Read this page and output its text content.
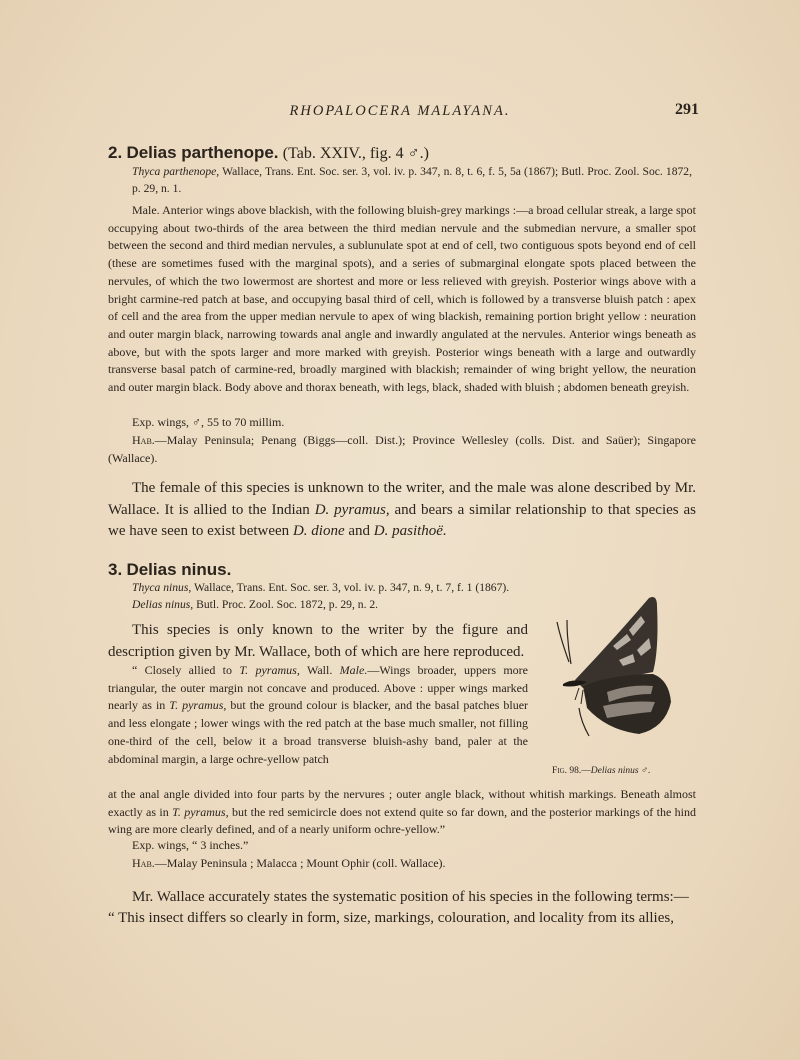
RHOPALOCERA MALAYANA.	291
2. Delias parthenope. (Tab. XXIV., fig. 4 ♂.)
Thyca parthenope, Wallace, Trans. Ent. Soc. ser. 3, vol. iv. p. 347, n. 8, t. 6, f. 5, 5a (1867); Butl. Proc. Zool. Soc. 1872, p. 29, n. 1.
Male. Anterior wings above blackish, with the following bluish-grey markings :—a broad cellular streak, a large spot occupying about two-thirds of the area between the third median nervule and the submedian nervure, a smaller spot between the second and third median nervules, a sublunulate spot at end of cell, two contiguous spots beyond end of cell (these are sometimes fused with the marginal spots), and a series of submarginal elongate spots placed between the nervules, of which the two lowermost are shortest and more or less relieved with greyish. Posterior wings above with a bright carmine-red patch at base, and occupying basal third of cell, which is followed by a transverse bluish patch : apex of cell and the area from the upper median nervule to apex of wing blackish, remaining portion bright yellow : neuration and outer margin black, narrowing towards anal angle and inwardly angulated at the nervules. Anterior wings beneath as above, but with the spots larger and more marked with greyish. Posterior wings beneath with a large and outwardly transverse basal patch of carmine-red, broadly margined with blackish; remainder of wing bright yellow, the neuration and outer margin black. Body above and thorax beneath, with legs, black, shaded with bluish ; abdomen beneath greyish.
Exp. wings, ♂, 55 to 70 millim.
Hab.—Malay Peninsula; Penang (Biggs—coll. Dist.); Province Wellesley (colls. Dist. and Saüer); Singapore (Wallace).
The female of this species is unknown to the writer, and the male was alone described by Mr. Wallace. It is allied to the Indian D. pyramus, and bears a similar relationship to that species as we have seen to exist between D. dione and D. pasithoë.
3. Delias ninus.
Thyca ninus, Wallace, Trans. Ent. Soc. ser. 3, vol. iv. p. 347, n. 9, t. 7, f. 1 (1867).
Delias ninus, Butl. Proc. Zool. Soc. 1872, p. 29, n. 2.
This species is only known to the writer by the figure and description given by Mr. Wallace, both of which are here reproduced.
“ Closely allied to T. pyramus, Wall. Male.—Wings broader, uppers more triangular, the outer margin not concave and produced. Above : upper wings marked nearly as in T. pyramus, but the ground colour is blacker, and the basal patches bluer and less elongate ; lower wings with the red patch at the base much smaller, not filling one-third of the cell, below it a broad transverse bluish-ashy band, paler at the abdominal margin, a large ochre-yellow patch
at the anal angle divided into four parts by the nervures ; outer angle black, without whitish markings. Beneath almost exactly as in T. pyramus, but the red semicircle does not extend quite so far down, and the posterior markings of the hind wing are more clearly defined, and of a nearly uniform ochre-yellow.”
Exp. wings, “ 3 inches.”
Hab.—Malay Peninsula ; Malacca ; Mount Ophir (coll. Wallace).
Mr. Wallace accurately states the systematic position of his species in the following terms:—
“ This insect differs so clearly in form, size, markings, colouration, and locality from its allies,
Fig. 98.—Delias ninus ♂.
